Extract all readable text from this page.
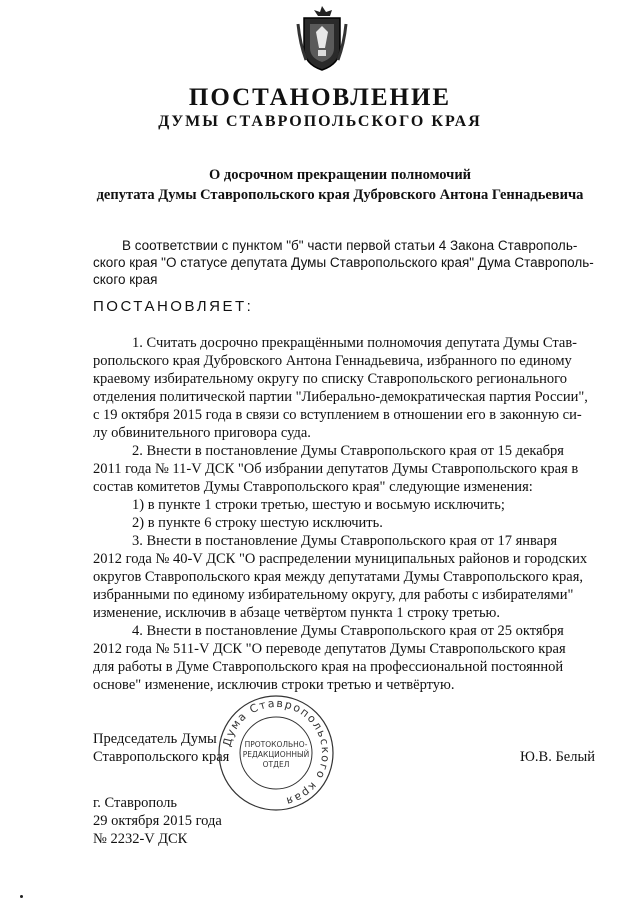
ПОСТАНОВЛЕНИЕ
ДУМЫ СТАВРОПОЛЬСКОГО КРАЯ
О досрочном прекращении полномочий
депутата Думы Ставропольского края Дубровского Антона Геннадьевича
В соответствии с пунктом "б" части первой статьи 4 Закона Ставрополь-
ского края "О статусе депутата Думы Ставропольского края" Дума Ставрополь-
ского края
ПОСТАНОВЛЯЕТ:
1. Считать досрочно прекращёнными полномочия депутата Думы Став-
ропольского края Дубровского Антона Геннадьевича, избранного по единому
краевому избирательному округу по списку Ставропольского регионального
отделения политической партии "Либерально-демократическая партия России",
с 19 октября 2015 года в связи со вступлением в отношении его в законную си-
лу обвинительного приговора суда.
2. Внести в постановление Думы Ставропольского края от 15 декабря
2011 года № 11-V ДСК "Об избрании депутатов Думы Ставропольского края в
состав комитетов Думы Ставропольского края" следующие изменения:
1) в пункте 1 строки третью, шестую и восьмую исключить;
2) в пункте 6 строку шестую исключить.
3. Внести в постановление Думы Ставропольского края от 17 января
2012 года № 40-V ДСК "О распределении муниципальных районов и городских
округов Ставропольского края между депутатами Думы Ставропольского края,
избранными по единому избирательному округу, для работы с избирателями"
изменение, исключив в абзаце четвёртом пункта 1 строку третью.
4. Внести в постановление Думы Ставропольского края от 25 октября
2012 года № 511-V ДСК "О переводе депутатов Думы Ставропольского края
для работы в Думе Ставропольского края на профессиональной постоянной
основе" изменение, исключив строки третью и четвёртую.
Председатель Думы
Ставропольского края	Ю.В. Белый
Дума Ставропольского края
ПРОТОКОЛЬНО-
РЕДАКЦИОННЫЙ
ОТДЕЛ
г. Ставрополь
29 октября 2015 года
№ 2232-V ДСК
